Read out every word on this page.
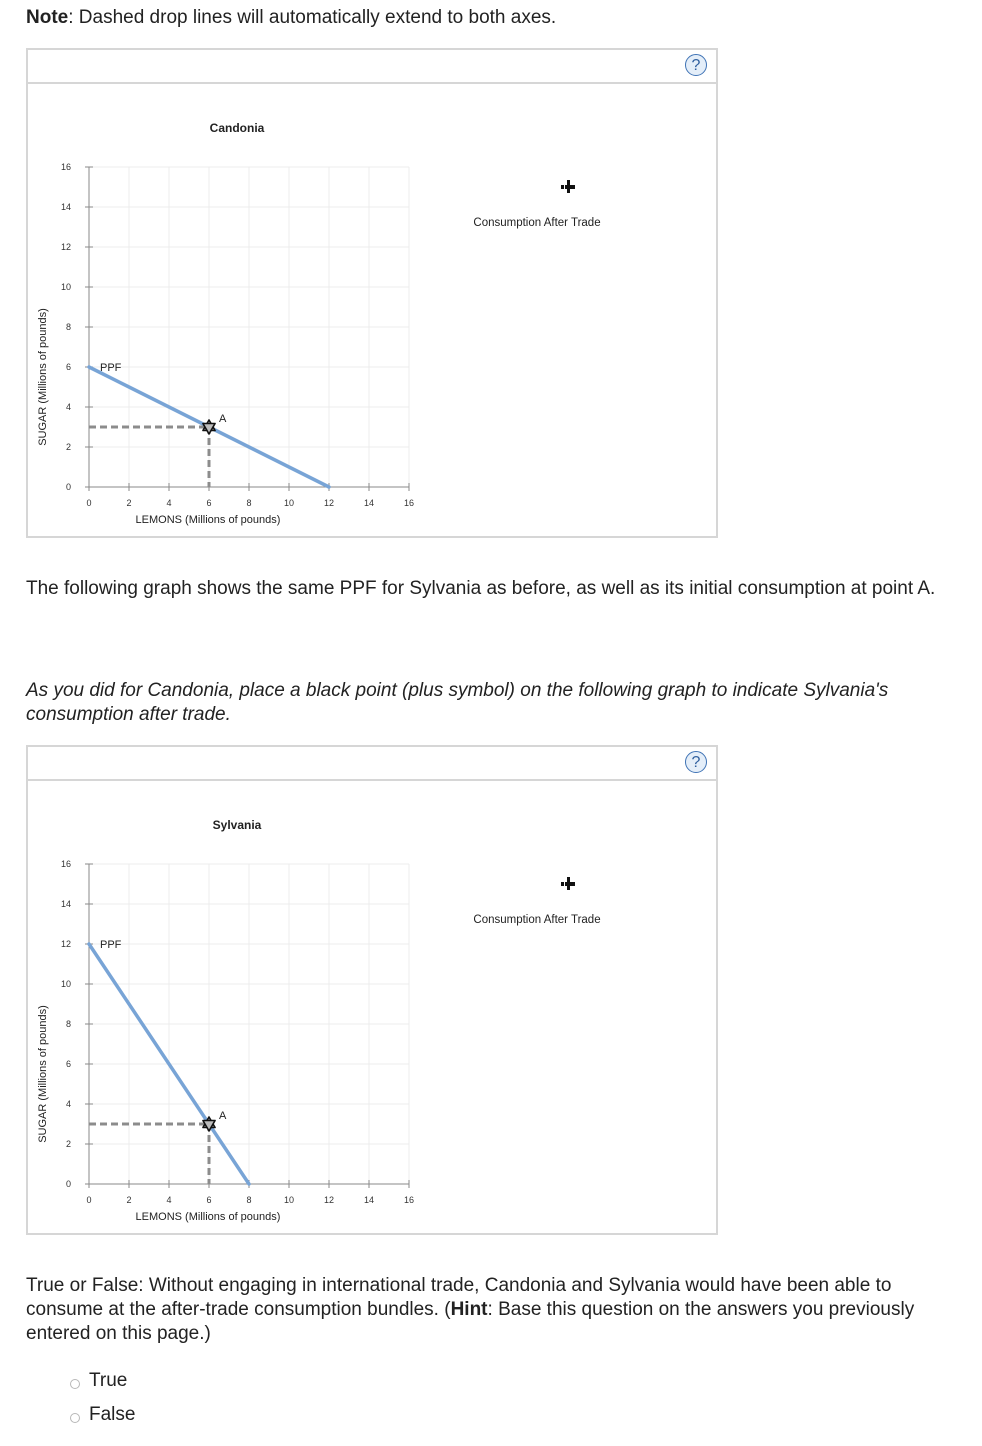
Note: Dashed drop lines will automatically extend to both axes.
?
0	2	4	6	8	10	12	14	16
0
2
4
6
8
10
12
14
16
Candonia
LEMONS (Millions of pounds)
SUGAR (Millions of pounds)	PPF
A
Consumption After Trade

The following graph shows the same PPF for Sylvania as before, as well as its initial consumption at point A.

As you did for Candonia, place a black point (plus symbol) on the following graph to indicate Sylvania's consumption after trade.

?
0	2	4	6	8	10	12	14	16
0
2
4
6
8
10
12
14
16
Sylvania
LEMONS (Millions of pounds)
SUGAR (Millions of pounds)
PPF
A
Consumption After Trade

True or False: Without engaging in international trade, Candonia and Sylvania would have been able to consume at the after-trade consumption bundles. (Hint: Base this question on the answers you previously entered on this page.)

True
False
